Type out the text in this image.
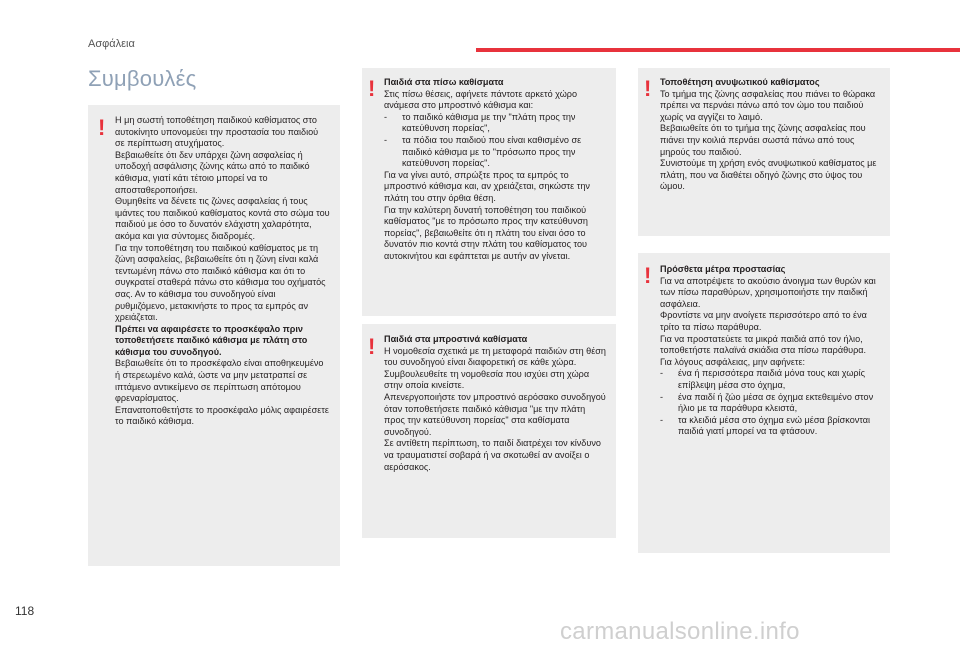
Ασφάλεια
Συμβουλές
! Η μη σωστή τοποθέτηση παιδικού καθίσματος στο αυτοκίνητο υπονομεύει την προστασία του παιδιού σε περίπτωση ατυχήματος.

Βεβαιωθείτε ότι δεν υπάρχει ζώνη ασφαλείας ή υποδοχή ασφάλισης ζώνης κάτω από το παιδικό κάθισμα, γιατί κάτι τέτοιο μπορεί να το αποσταθεροποιήσει.

Θυμηθείτε να δένετε τις ζώνες ασφαλείας ή τους ιμάντες του παιδικού καθίσματος κοντά στο σώμα του παιδιού με όσο το δυνατόν ελάχιστη χαλαρότητα, ακόμα και για σύντομες διαδρομές.

Για την τοποθέτηση του παιδικού καθίσματος με τη ζώνη ασφαλείας, βεβαιωθείτε ότι η ζώνη είναι καλά τεντωμένη πάνω στο παιδικό κάθισμα και ότι το συγκρατεί σταθερά πάνω στο κάθισμα του οχήματός σας. Αν το κάθισμα του συνοδηγού είναι ρυθμιζόμενο, μετακινήστε το προς τα εμπρός αν χρειάζεται.

Πρέπει να αφαιρέσετε το προσκέφαλο πριν τοποθετήσετε παιδικό κάθισμα με πλάτη στο κάθισμα του συνοδηγού.

Βεβαιωθείτε ότι το προσκέφαλο είναι αποθηκευμένο ή στερεωμένο καλά, ώστε να μην μετατραπεί σε ιπτάμενο αντικείμενο σε περίπτωση απότομου φρεναρίσματος.

Επανατοποθετήστε το προσκέφαλο μόλις αφαιρέσετε το παιδικό κάθισμα.

! Παιδιά στα πίσω καθίσματα

Στις πίσω θέσεις, αφήνετε πάντοτε αρκετό χώρο ανάμεσα στο μπροστινό κάθισμα και:

-	το παιδικό κάθισμα με την "πλάτη προς την κατεύθυνση πορείας",
-	τα πόδια του παιδιού που είναι καθισμένο σε παιδικό κάθισμα με το "πρόσωπο προς την κατεύθυνση πορείας".

Για να γίνει αυτό, σπρώξτε προς τα εμπρός το μπροστινό κάθισμα και, αν χρειάζεται, σηκώστε την πλάτη του στην όρθια θέση.

Για την καλύτερη δυνατή τοποθέτηση του παιδικού καθίσματος "με το πρόσωπο προς την κατεύθυνση πορείας", βεβαιωθείτε ότι η πλάτη του είναι όσο το δυνατόν πιο κοντά στην πλάτη του καθίσματος του αυτοκινήτου και εφάπτεται με αυτήν αν γίνεται.

! Παιδιά στα μπροστινά καθίσματα

Η νομοθεσία σχετικά με τη μεταφορά παιδιών στη θέση του συνοδηγού είναι διαφορετική σε κάθε χώρα. Συμβουλευθείτε τη νομοθεσία που ισχύει στη χώρα στην οποία κινείστε.

Απενεργοποιήστε τον μπροστινό αερόσακο συνοδηγού όταν τοποθετήσετε παιδικό κάθισμα "με την πλάτη προς την κατεύθυνση πορείας" στα καθίσματα συνοδηγού.

Σε αντίθετη περίπτωση, το παιδί διατρέχει τον κίνδυνο να τραυματιστεί σοβαρά ή να σκοτωθεί αν ανοίξει ο αερόσακος.

! Τοποθέτηση ανυψωτικού καθίσματος

Το τμήμα της ζώνης ασφαλείας που πιάνει το θώρακα πρέπει να περνάει πάνω από τον ώμο του παιδιού χωρίς να αγγίζει το λαιμό.

Βεβαιωθείτε ότι το τμήμα της ζώνης ασφαλείας που πιάνει την κοιλιά περνάει σωστά πάνω από τους μηρούς του παιδιού.

Συνιστούμε τη χρήση ενός ανυψωτικού καθίσματος με πλάτη, που να διαθέτει οδηγό ζώνης στο ύψος του ώμου.

! Πρόσθετα μέτρα προστασίας

Για να αποτρέψετε το ακούσιο άνοιγμα των θυρών και των πίσω παραθύρων, χρησιμοποιήστε την παιδική ασφάλεια.

Φροντίστε να μην ανοίγετε περισσότερο από το ένα τρίτο τα πίσω παράθυρα.

Για να προστατεύετε τα μικρά παιδιά από τον ήλιο, τοποθετήστε παλαϊνά σκιάδια στα πίσω παράθυρα.

Για λόγους ασφάλειας, μην αφήνετε:

-	ένα ή περισσότερα παιδιά μόνα τους και χωρίς επίβλεψη μέσα στο όχημα,
-	ένα παιδί ή ζώο μέσα σε όχημα εκτεθειμένο στον ήλιο με τα παράθυρα κλειστά,
-	τα κλειδιά μέσα στο όχημα ενώ μέσα βρίσκονται παιδιά γιατί μπορεί να τα φτάσουν.
118
carmanualsonline.info
